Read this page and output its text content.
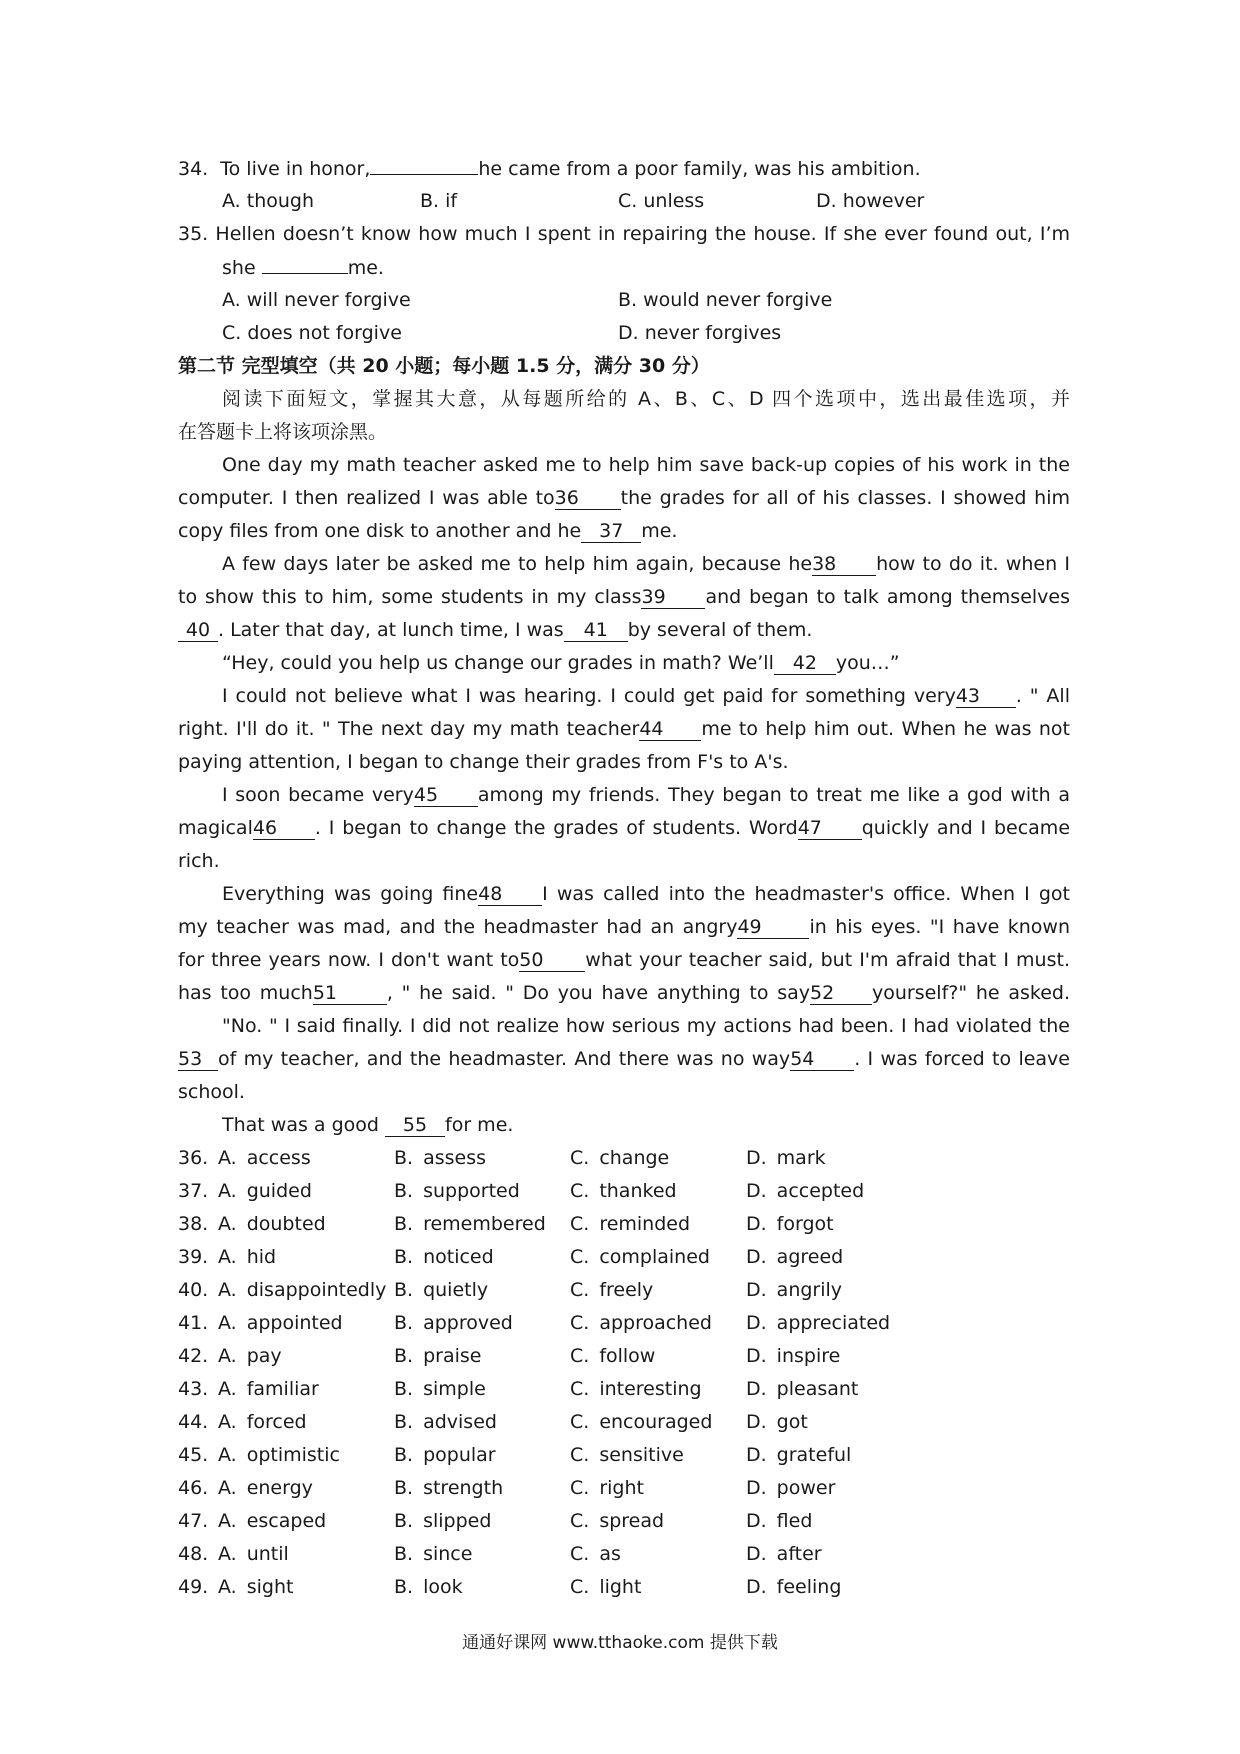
34. To live in honor,	he came from a poor family, was his ambition.
A. though	B. if	C. unless	D. however
35. Hellen doesn’t know how much I spent in repairing the house. If she ever found out, I’m
she	me.
A. will never forgive	B. would never forgive
C. does not forgive	D. never forgives
第二节 完型填空（共 20 小题；每小题 1.5 分，满分 30 分）
阅读下面短文，掌握其大意，从每题所给的 A、B、C、D 四个选项中，选出最佳选项，并
在答题卡上将该项涂黑。
One day my math teacher asked me to help him save back-up copies of his work in the
computer. I then realized I was able to36 the grades for all of his classes. I showed him
copy files from one disk to another and he 37 me.
A few days later be asked me to help him again, because he38 how to do it. when I
to show this to him, some students in my class39 and began to talk among themselves
40 . Later that day, at lunch time, I was 41 by several of them.
“Hey, could you help us change our grades in math? We’ll 42 you…”
I could not believe what I was hearing. I could get paid for something very43 . " All
right. I'll do it. " The next day my math teacher44 me to help him out. When he was not
paying attention, I began to change their grades from F's to A's.
I soon became very45 among my friends. They began to treat me like a god with a
magical46 . I began to change the grades of students. Word47 quickly and I became
rich.
Everything was going fine48 I was called into the headmaster's office. When I got
my teacher was mad, and the headmaster had an angry49	in his eyes. "I have known
for three years now. I don't want to50 what your teacher said, but I'm afraid that I must.
has too much51	, " he said. " Do you have anything to say52 yourself?" he asked.
"No. " I said finally. I did not realize how serious my actions had been. I had violated the
53 of my teacher, and the headmaster. And there was no way54 . I was forced to leave
school.
That was a good 55 for me.
36. A. access	B. assess	C. change	D. mark
37. A. guided	B. supported	C. thanked	D. accepted
38. A. doubted	B. remembered C. reminded	D. forgot
39. A. hid	B. noticed	C. complained D. agreed
40. A. disappointedly B. quietly	C. freely	D. angrily
41. A. appointed	B. approved	C. approached D. appreciated
42. A. pay	B. praise	C. follow	D. inspire
43. A. familiar	B. simple	C. interesting D. pleasant
44. A. forced	B. advised	C. encouraged D. got
45. A. optimistic	B. popular	C. sensitive	D. grateful
46. A. energy	B. strength	C. right	D. power
47. A. escaped	B. slipped	C. spread	D. fled
48. A. until	B. since	C. as	D. after
49. A. sight	B. look	C. light	D. feeling
通通好课网 www.tthaoke.com 提供下载
